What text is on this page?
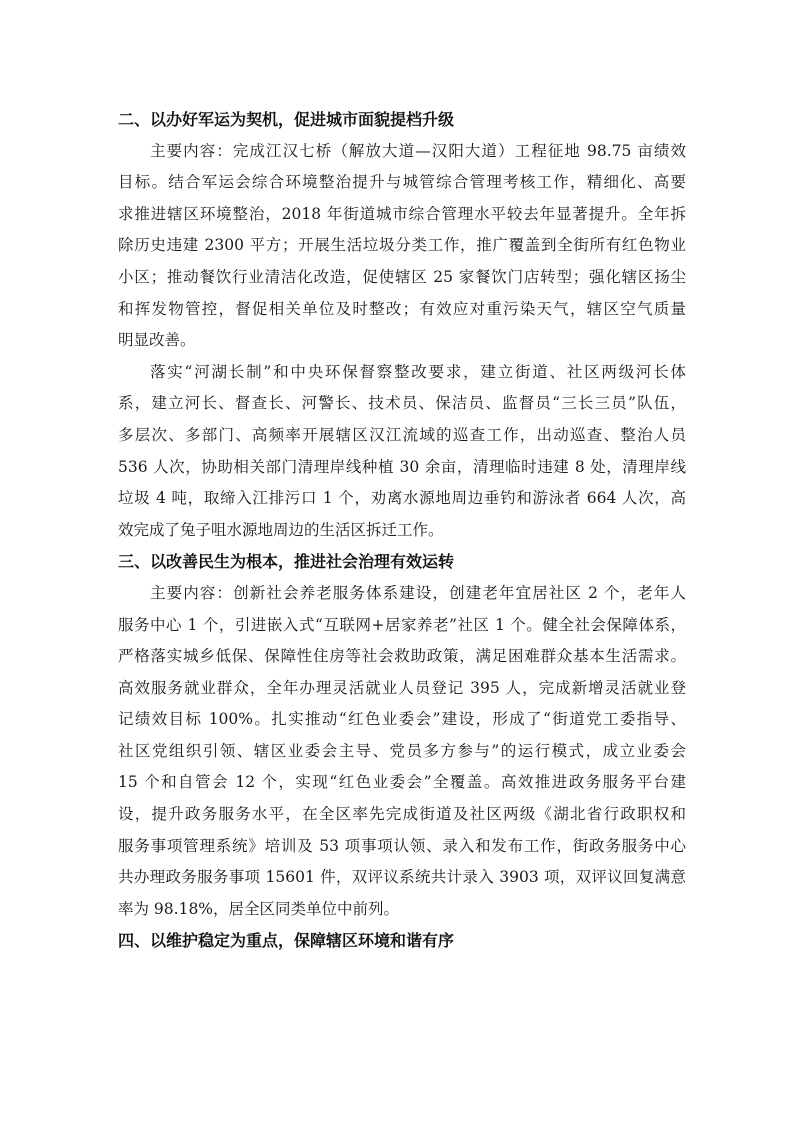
二、以办好军运为契机，促进城市面貌提档升级

主要内容：完成江汉七桥（解放大道—汉阳大道）工程征地 98.75 亩绩效
目标。结合军运会综合环境整治提升与城管综合管理考核工作，精细化、高要
求推进辖区环境整治，2018 年街道城市综合管理水平较去年显著提升。全年拆
除历史违建 2300 平方；开展生活垃圾分类工作，推广覆盖到全街所有红色物业
小区；推动餐饮行业清洁化改造，促使辖区 25 家餐饮门店转型；强化辖区扬尘
和挥发物管控，督促相关单位及时整改；有效应对重污染天气，辖区空气质量
明显改善。

落实“河湖长制”和中央环保督察整改要求，建立街道、社区两级河长体
系，建立河长、督查长、河警长、技术员、保洁员、监督员“三长三员”队伍，
多层次、多部门、高频率开展辖区汉江流域的巡查工作，出动巡查、整治人员
536 人次，协助相关部门清理岸线种植 30 余亩，清理临时违建 8 处，清理岸线
垃圾 4 吨，取缔入江排污口 1 个，劝离水源地周边垂钓和游泳者 664 人次，高
效完成了兔子咀水源地周边的生活区拆迁工作。

三、以改善民生为根本，推进社会治理有效运转

主要内容：创新社会养老服务体系建设，创建老年宜居社区 2 个，老年人
服务中心 1 个，引进嵌入式“互联网+居家养老”社区 1 个。健全社会保障体系，
严格落实城乡低保、保障性住房等社会救助政策，满足困难群众基本生活需求。
高效服务就业群众，全年办理灵活就业人员登记 395 人，完成新增灵活就业登
记绩效目标 100%。扎实推动“红色业委会”建设，形成了“街道党工委指导、
社区党组织引领、辖区业委会主导、党员多方参与”的运行模式，成立业委会
15 个和自管会 12 个，实现“红色业委会”全覆盖。高效推进政务服务平台建
设，提升政务服务水平，在全区率先完成街道及社区两级《湖北省行政职权和
服务事项管理系统》培训及 53 项事项认领、录入和发布工作，街政务服务中心
共办理政务服务事项 15601 件，双评议系统共计录入 3903 项，双评议回复满意
率为 98.18%，居全区同类单位中前列。

四、以维护稳定为重点，保障辖区环境和谐有序
